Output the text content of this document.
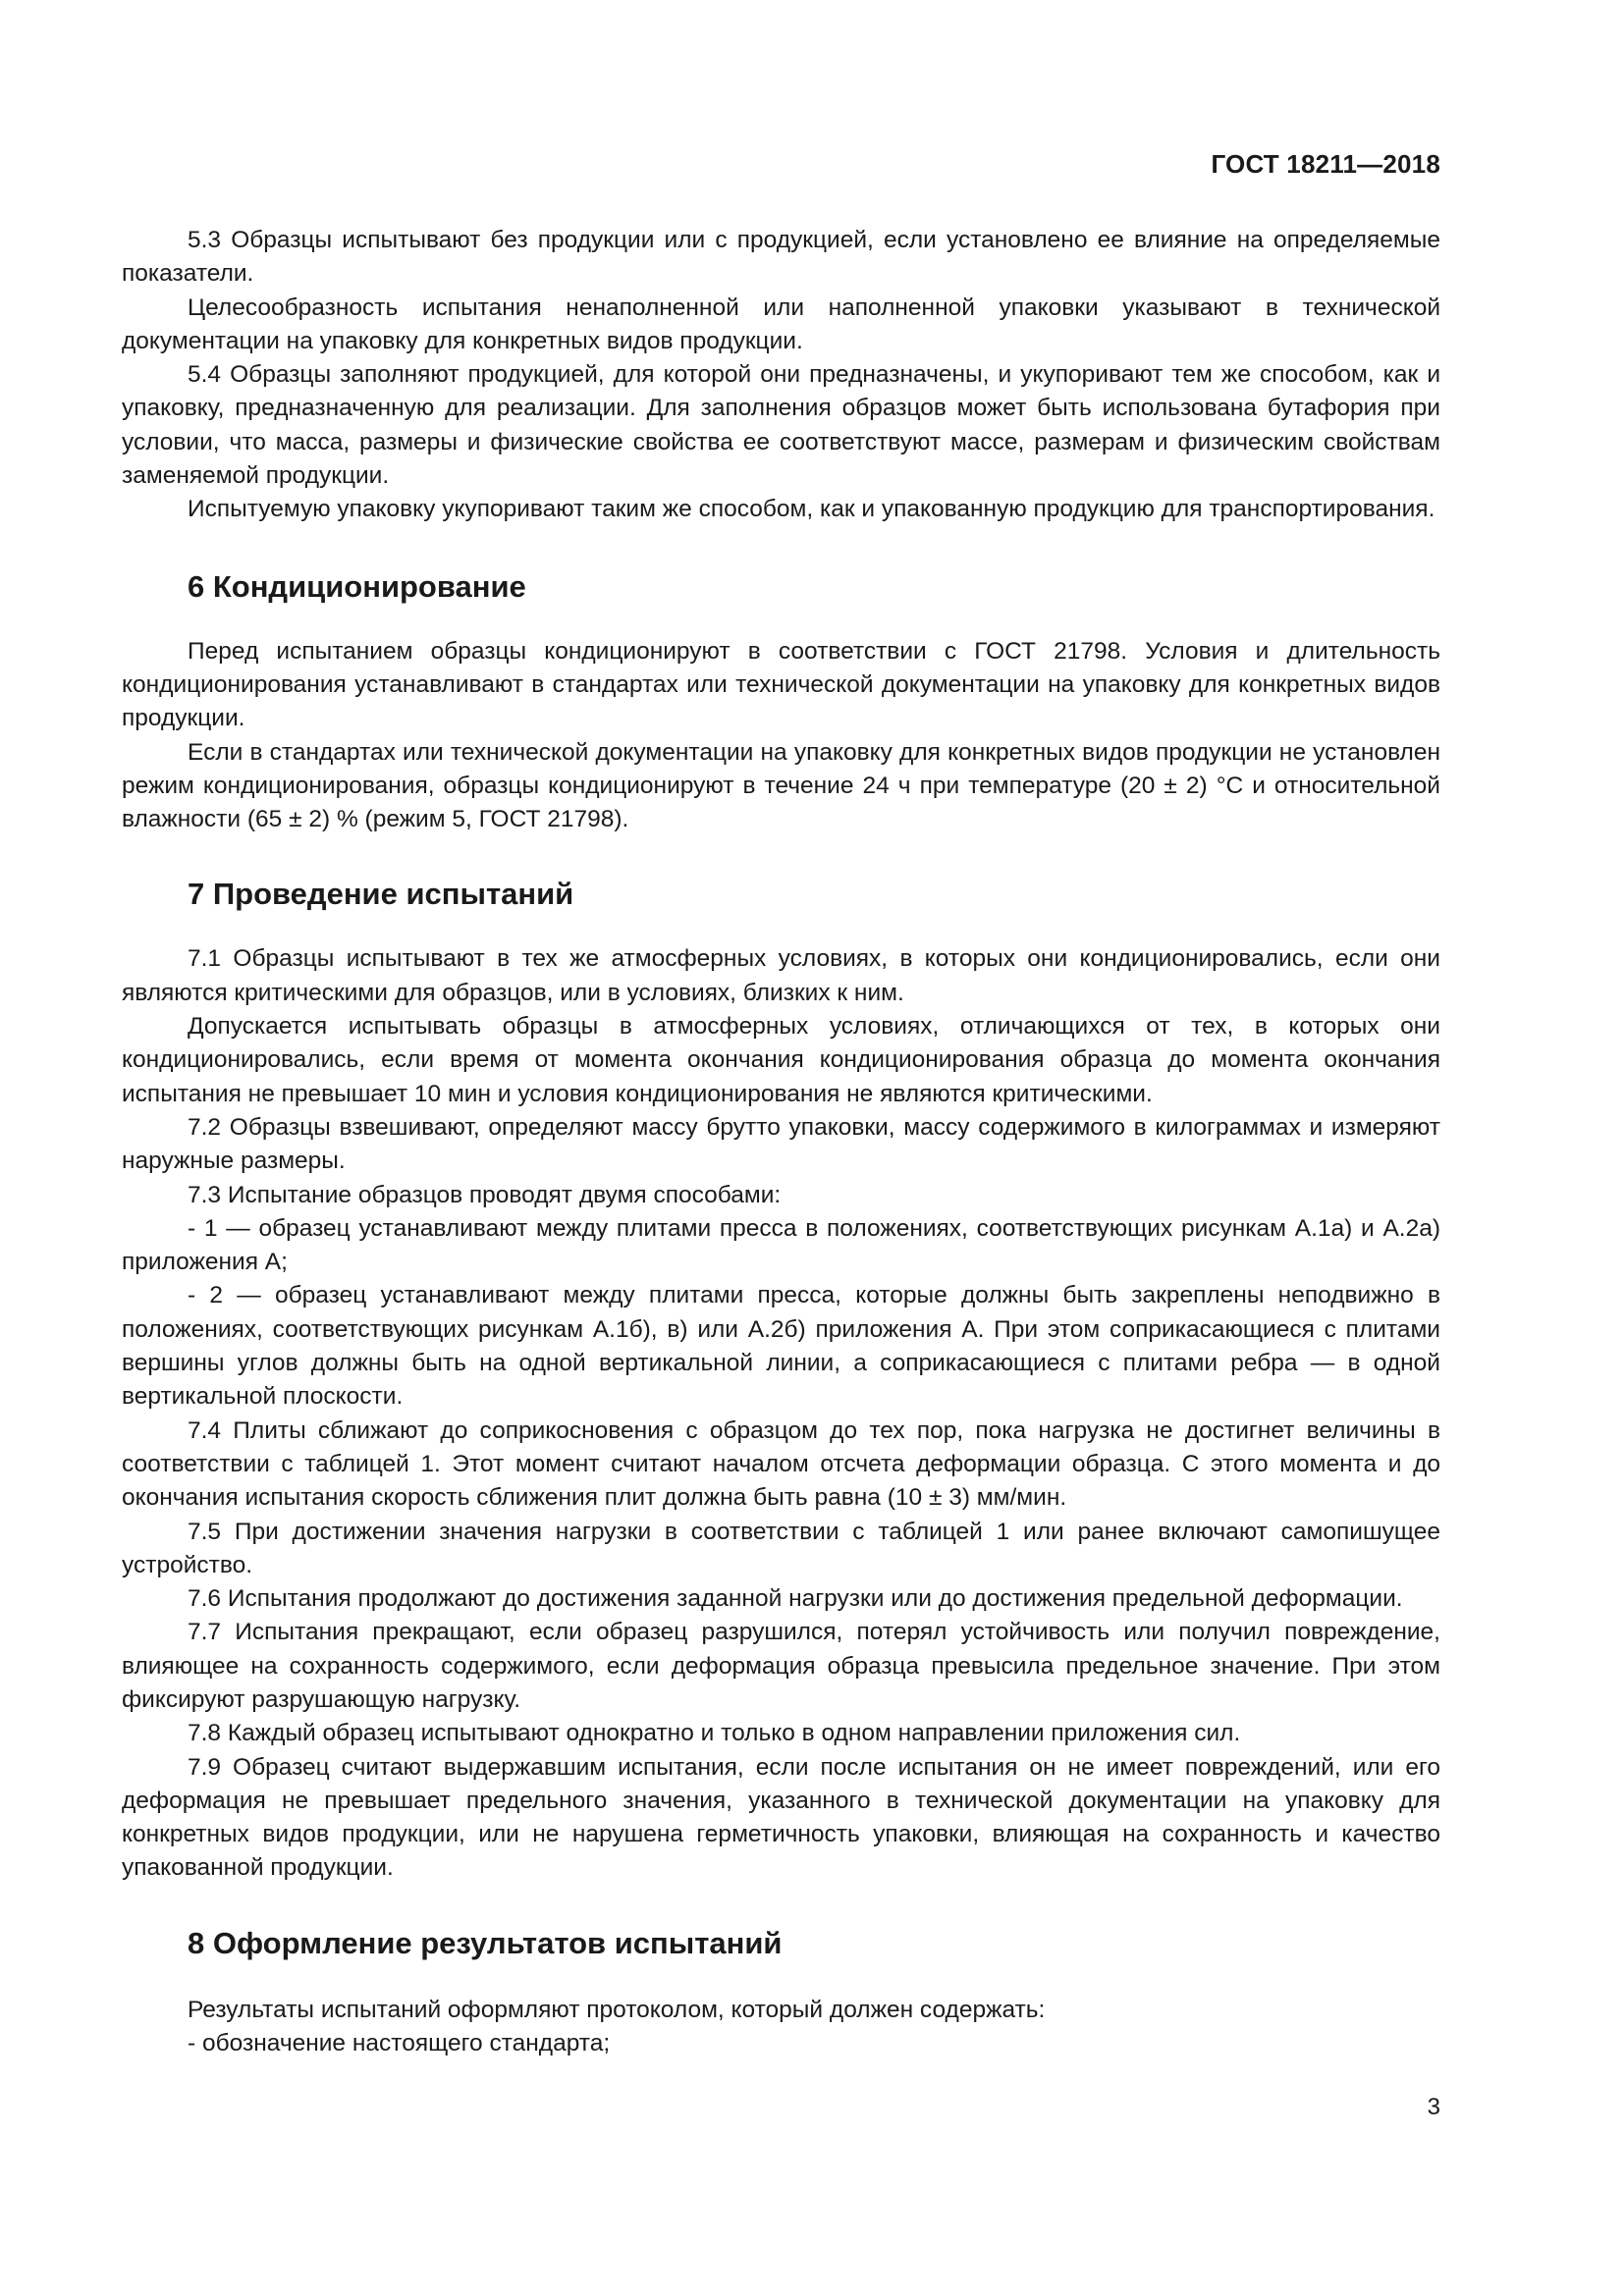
ГОСТ 18211—2018

5.3 Образцы испытывают без продукции или с продукцией, если установлено ее влияние на определяемые показатели.

Целесообразность испытания ненаполненной или наполненной упаковки указывают в технической документации на упаковку для конкретных видов продукции.

5.4 Образцы заполняют продукцией, для которой они предназначены, и укупоривают тем же способом, как и упаковку, предназначенную для реализации. Для заполнения образцов может быть использована бутафория при условии, что масса, размеры и физические свойства ее соответствуют массе, размерам и физическим свойствам заменяемой продукции.

Испытуемую упаковку укупоривают таким же способом, как и упакованную продукцию для транспортирования.

6 Кондиционирование

Перед испытанием образцы кондиционируют в соответствии с ГОСТ 21798. Условия и длительность кондиционирования устанавливают в стандартах или технической документации на упаковку для конкретных видов продукции.

Если в стандартах или технической документации на упаковку для конкретных видов продукции не установлен режим кондиционирования, образцы кондиционируют в течение 24 ч при температуре (20 ± 2) °С и относительной влажности (65 ± 2) % (режим 5, ГОСТ 21798).

7 Проведение испытаний

7.1 Образцы испытывают в тех же атмосферных условиях, в которых они кондиционировались, если они являются критическими для образцов, или в условиях, близких к ним.

Допускается испытывать образцы в атмосферных условиях, отличающихся от тех, в которых они кондиционировались, если время от момента окончания кондиционирования образца до момента окончания испытания не превышает 10 мин и условия кондиционирования не являются критическими.

7.2 Образцы взвешивают, определяют массу брутто упаковки, массу содержимого в килограммах и измеряют наружные размеры.

7.3 Испытание образцов проводят двумя способами:

- 1 — образец устанавливают между плитами пресса в положениях, соответствующих рисункам А.1а) и А.2а) приложения А;

- 2 — образец устанавливают между плитами пресса, которые должны быть закреплены неподвижно в положениях, соответствующих рисункам А.1б), в) или А.2б) приложения А. При этом соприкасающиеся с плитами вершины углов должны быть на одной вертикальной линии, а соприкасающиеся с плитами ребра — в одной вертикальной плоскости.

7.4 Плиты сближают до соприкосновения с образцом до тех пор, пока нагрузка не достигнет величины в соответствии с таблицей 1. Этот момент считают началом отсчета деформации образца. С этого момента и до окончания испытания скорость сближения плит должна быть равна (10 ± 3) мм/мин.

7.5 При достижении значения нагрузки в соответствии с таблицей 1 или ранее включают самопишущее устройство.

7.6 Испытания продолжают до достижения заданной нагрузки или до достижения предельной деформации.

7.7 Испытания прекращают, если образец разрушился, потерял устойчивость или получил повреждение, влияющее на сохранность содержимого, если деформация образца превысила предельное значение. При этом фиксируют разрушающую нагрузку.

7.8 Каждый образец испытывают однократно и только в одном направлении приложения сил.

7.9 Образец считают выдержавшим испытания, если после испытания он не имеет повреждений, или его деформация не превышает предельного значения, указанного в технической документации на упаковку для конкретных видов продукции, или не нарушена герметичность упаковки, влияющая на сохранность и качество упакованной продукции.

8 Оформление результатов испытаний

Результаты испытаний оформляют протоколом, который должен содержать:

- обозначение настоящего стандарта;

3
